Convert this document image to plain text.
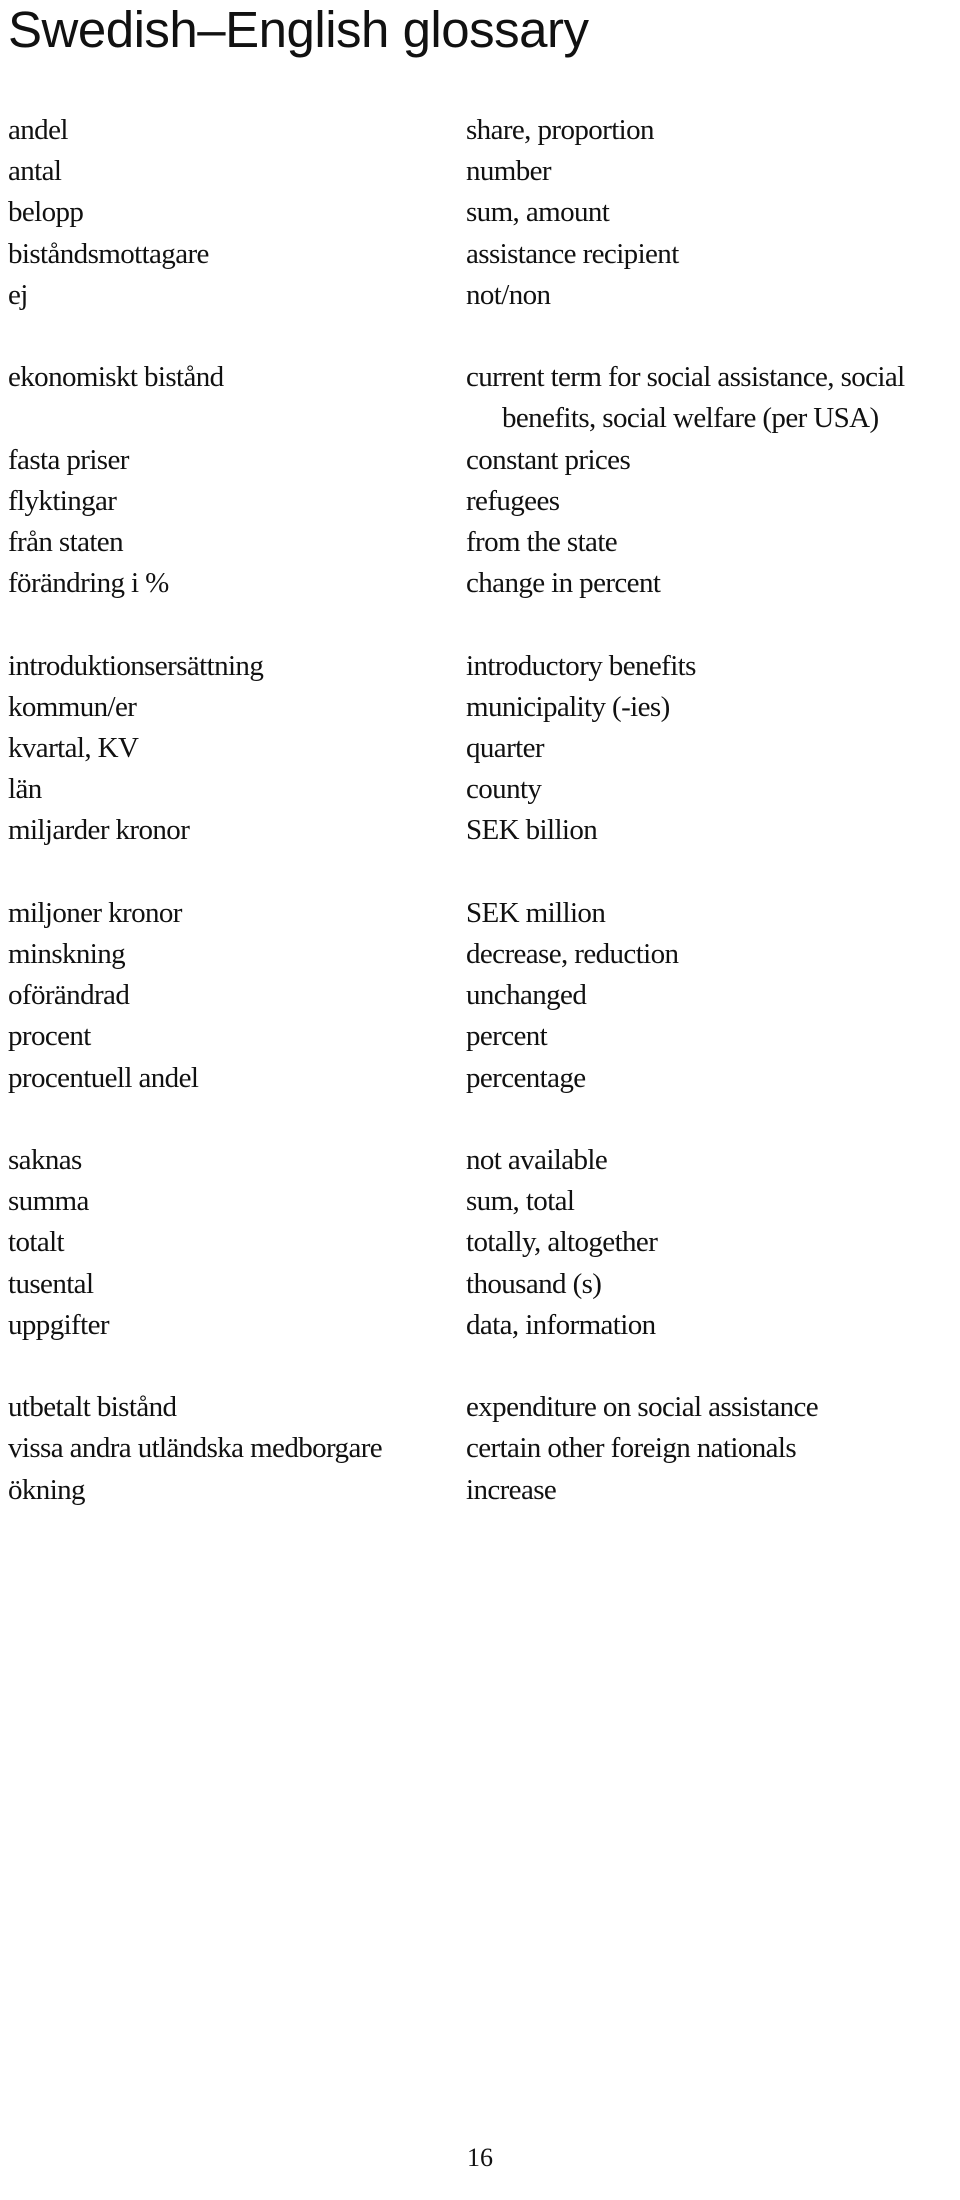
Swedish–English glossary
andel	share, proportion
antal	number
belopp	sum, amount
biståndsmottagare	assistance recipient
ej	not/non
ekonomiskt bistånd	current term for social assistance, social benefits, social welfare (per USA)
fasta priser	constant prices
flyktingar	refugees
från staten	from the state
förändring i %	change in percent
introduktionsersättning	introductory benefits
kommun/er	municipality (-ies)
kvartal, KV	quarter
län	county
miljarder kronor	SEK billion
miljoner kronor	SEK million
minskning	decrease, reduction
oförändrad	unchanged
procent	percent
procentuell andel	percentage
saknas	not available
summa	sum, total
totalt	totally, altogether
tusental	thousand (s)
uppgifter	data, information
utbetalt bistånd	expenditure on social assistance
vissa andra utländska medborgare	certain other foreign nationals
ökning	increase
16
